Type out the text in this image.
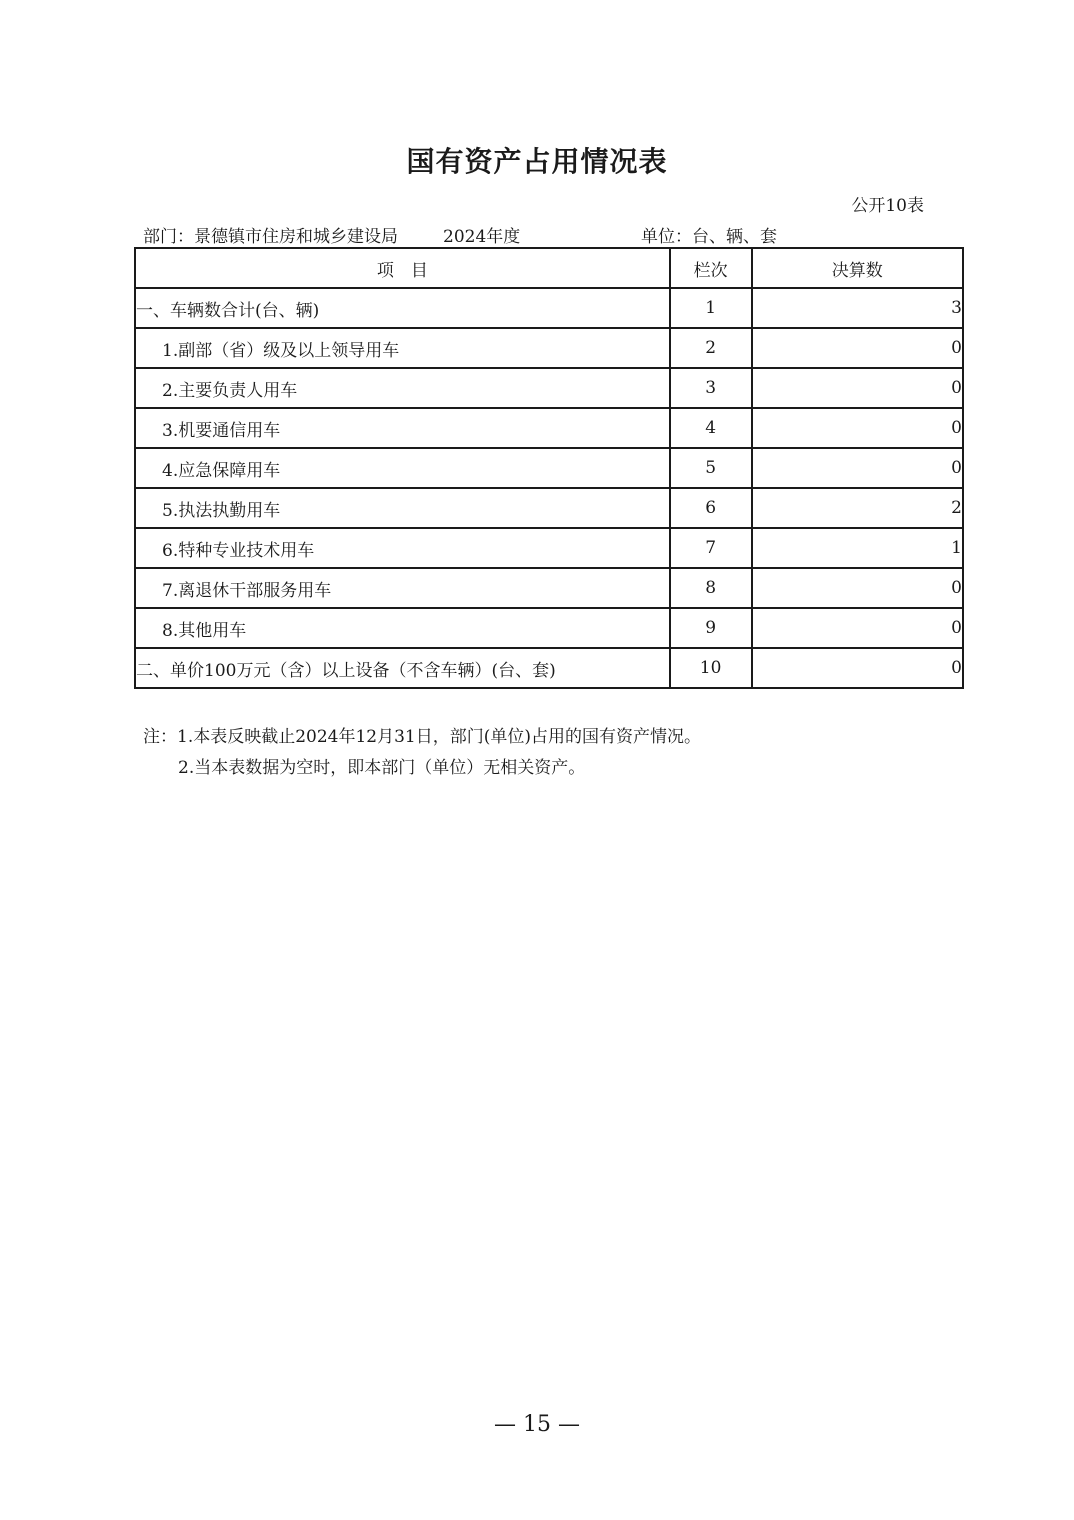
国有资产占用情况表
公开10表
部门：景德镇市住房和城乡建设局	2024年度	单位：台、辆、套
项　目	栏次	决算数
一、车辆数合计(台、辆)	1	3
1.副部（省）级及以上领导用车	2	0
2.主要负责人用车	3	0
3.机要通信用车	4	0
4.应急保障用车	5	0
5.执法执勤用车	6	2
6.特种专业技术用车	7	1
7.离退休干部服务用车	8	0
8.其他用车	9	0
二、单价100万元（含）以上设备（不含车辆）(台、套)	10	0
注：1.本表反映截止2024年12月31日，部门(单位)占用的国有资产情况。
2.当本表数据为空时，即本部门（单位）无相关资产。
— 15 —
